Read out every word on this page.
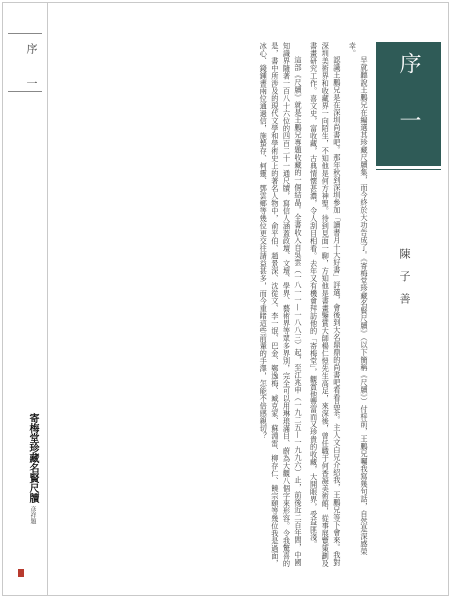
序 一
寄梅堂珍藏名賢尺牘 彦祥題
序 一
陳 子 善

早就聽說王鵬兄在編選其珍藏尺牘集，而今終於大功告成了。《寄梅堂珍藏名賢尺牘》（以下簡稱《尺牘》）付梓前，王鵬兄囑我寫幾句話，自然是深感榮幸。

認識王鵬兄是在深圳尚書吧。那年秋到深圳參加「讀書月十大好書」評選，會後到大名鼎鼎的尚書吧看看品茶。主人文白兄介紹我，王鵬兄等下會來。我對深圳美術界和收藏界一向陌生，不知他是何方神聖。待到見面一聊，方知他是書畫鑒賞大師楊仁愷先生高足，來深後，曾任職于何香凝美術館，從事展覽策劃及書畫研究工作。喜文史，富收藏，古典情懷甚濃，令人刮目相看。去年又有機會拜訪他的「寄梅堂」，觀賞他豐富而又珍貴的收藏，大開眼界，受益匪淺。

這部《尺牘》就是王鵬兄專題收藏的一個結晶。全書收入自吳雲（一八一一—一八八三）起，至江兆申（一九二五—一九九六）止，前後近二百年間，中國知識界隨著一百八十六位的四百二十一通尺牘，寫信人涵蓋政壇、文壇、學界、藝術界等眾多界別，完全可以用琳琅滿目、蔚為大觀八個字來形容。令我驚喜的是，書中所涉及的現代文學和學術史上的著名人物中，俞平伯、趙景深、沈從文、李一氓、巴金、鄭逸梅、臧克家、蘇淵雷、柳存仁、饒宗頤等幾位我是過面，冰心、錢鍾書兩位通過信，施蟄存、柯靈、鄧雲鄉等幾位更交往請益甚多，而今重睹這些前輩的手澤，怎能不倍感親切？
